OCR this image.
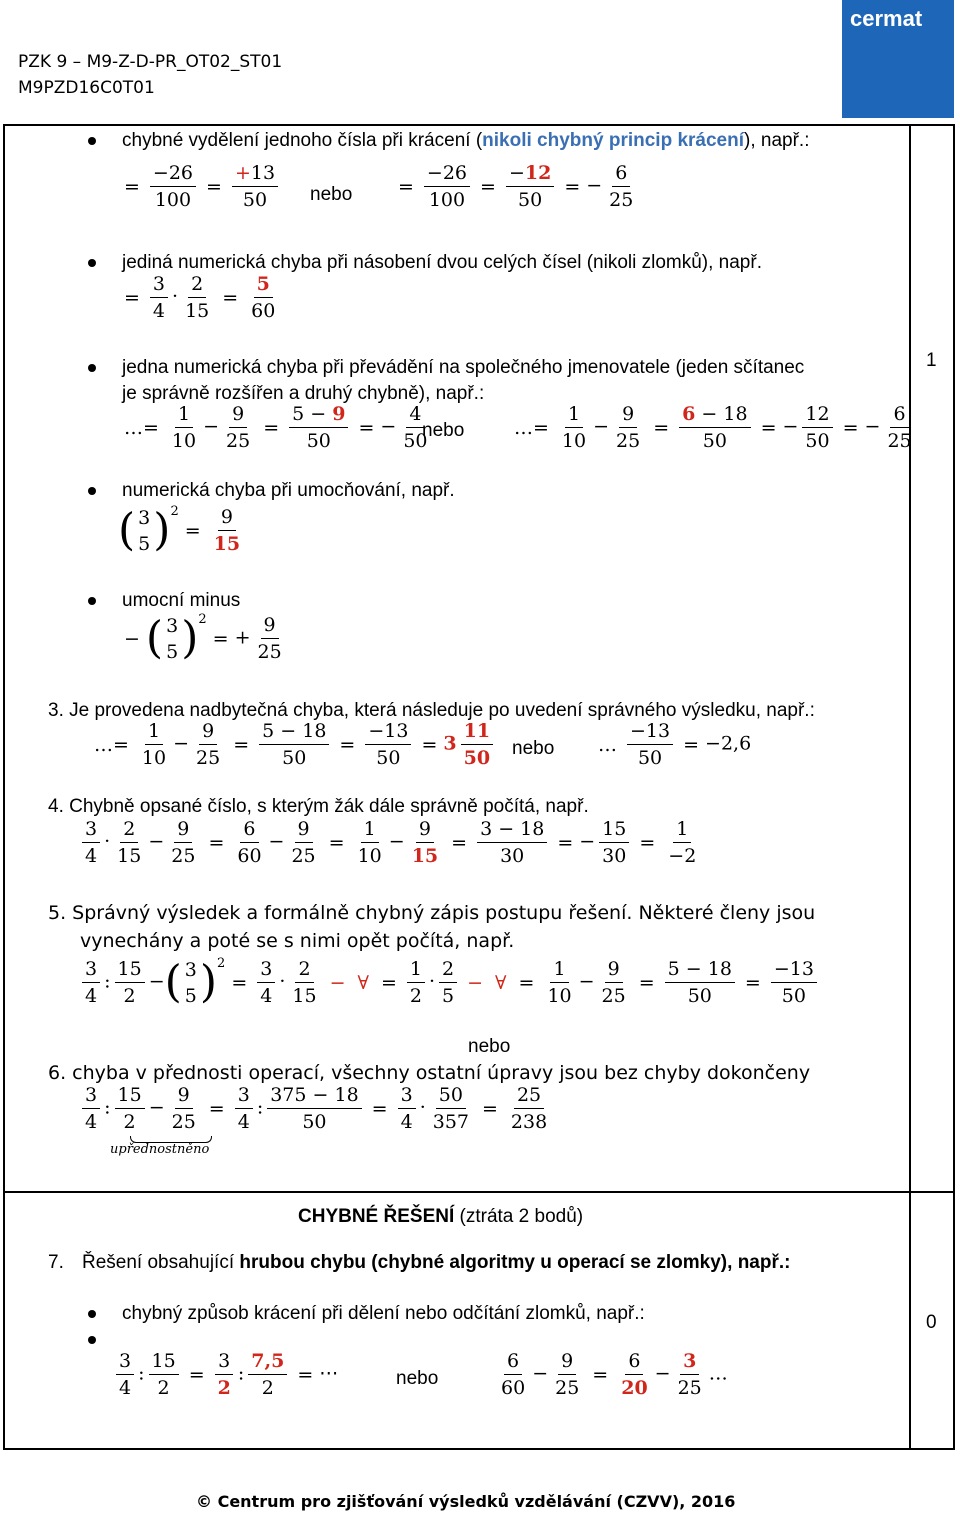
PZK 9 – M9-Z-D-PR_OT02_ST01
M9PZD16C0T01
cermat
1
0
chybné vydělení jednoho čísla při krácení (nikoli chybný princip krácení), např.:
= $\frac{-26}{100} = \frac{+13}{50}$ nebo	= $\frac{-26}{100} = \frac{-12}{50}$ = − $\frac{6}{25}$
jediná numerická chyba při násobení dvou celých čísel (nikoli zlomků), např.
= $\frac{3}{4} \cdot \frac{2}{15} = \frac{5}{60}$
jedna numerická chyba při převádění na společného jmenovatele (jeden sčítanec
je správně rozšířen a druhý chybně), např.:
…= $\frac{1}{10} - \frac{9}{25} = \frac{5 - 9}{50}$ = − $\frac{4}{50}$
nebo	…= $\frac{1}{10} - \frac{9}{25} = \frac{6 - 18}{50}$ = − $\frac{12}{50}$ = − $\frac{6}{25}$
numerická chyba při umocňování, např.
( 3
5 )$^2= \frac{9}{15}$
umocní minus
− ( 3
5 )$^2= + \frac{9}{25}$
3. Je provedena nadbytečná chyba, která následuje po uvedení správného výsledku, např.:
…= $\frac{1}{10} - \frac{9}{25} = \frac{5 - 18}{50} = \frac{-13}{50} = 3 \frac{11}{50}$ nebo	… $\frac{-13}{50} = -2,6$
4. Chybně opsané číslo, s kterým žák dále správně počítá, např.
$\frac{3}{4} \cdot \frac{2}{15} - \frac{9}{25} = \frac{6}{60} - \frac{9}{25} = \frac{1}{10} - \frac{9}{15} = \frac{3 - 18}{30}$ = − $\frac{15}{30} = \frac{1}{-2}$
5. Správný výsledek a formálně chybný zápis postupu řešení. Některé členy jsou
vynechány a poté se s nimi opět počítá, např.
$\frac{3}{4}$ : $\frac{15}{2}$ −( 3
5 )$^2= \frac{3}{4} \cdot \frac{2}{15}$ − ∀ = $\frac{1}{2} \cdot \frac{2}{5}$ − ∀ = $\frac{1}{10} - \frac{9}{25} = \frac{5 - 18}{50} = \frac{-13}{50}$
nebo
6. chyba v přednosti operací, všechny ostatní úpravy jsou bez chyby dokončeny
$\frac{3}{4}$ : $\frac{15}{2} - \frac{9}{25} = \frac{3}{4}$ : $\frac{375 - 18}{50} = \frac{3}{4} \cdot \frac{50}{357} = \frac{25}{238}$
upřednostněno
CHYBNÉ ŘEŠENÍ (ztráta 2 bodů)
7. Řešení obsahující hrubou chybu (chybné algoritmy u operací se zlomky), např.:
chybný způsob krácení při dělení nebo odčítání zlomků, např.:
$\frac{3}{4}$ : $\frac{15}{2} = \frac{3}{2}$ : $\frac{7,5}{2}$ = ⋯	nebo	$\frac{6}{60} - \frac{9}{25} = \frac{6}{20} - \frac{3}{25}$ …
© Centrum pro zjišťování výsledků vzdělávání (CZVV), 2016
